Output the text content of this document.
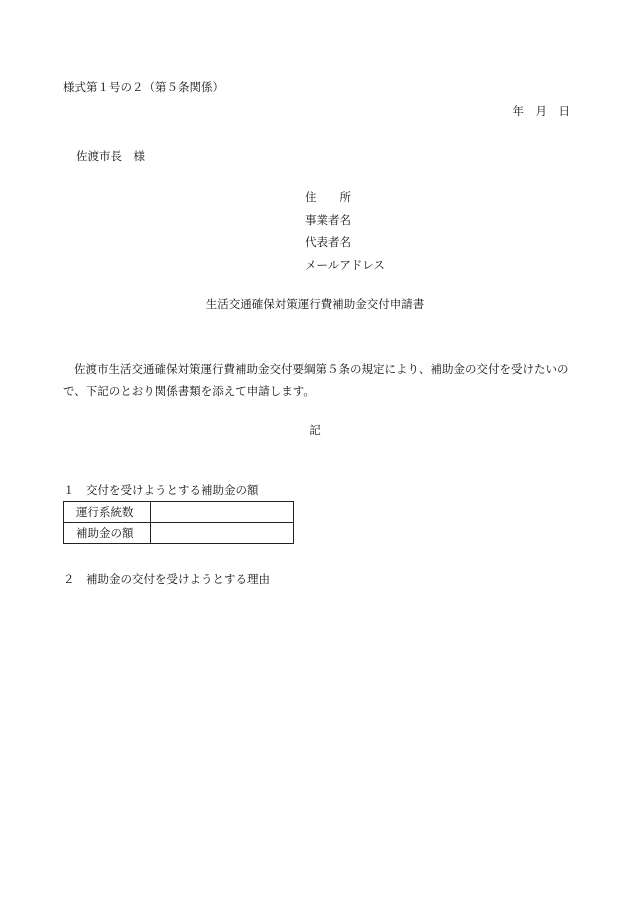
様式第１号の２（第５条関係）
年　月　日
佐渡市長　様
住　　所
事業者名
代表者名
メールアドレス
生活交通確保対策運行費補助金交付申請書
佐渡市生活交通確保対策運行費補助金交付要綱第５条の規定により、補助金の交付を受けたいので、下記のとおり関係書類を添えて申請します。
記
１　交付を受けようとする補助金の額
運行系統数	
補助金の額	
２　補助金の交付を受けようとする理由
